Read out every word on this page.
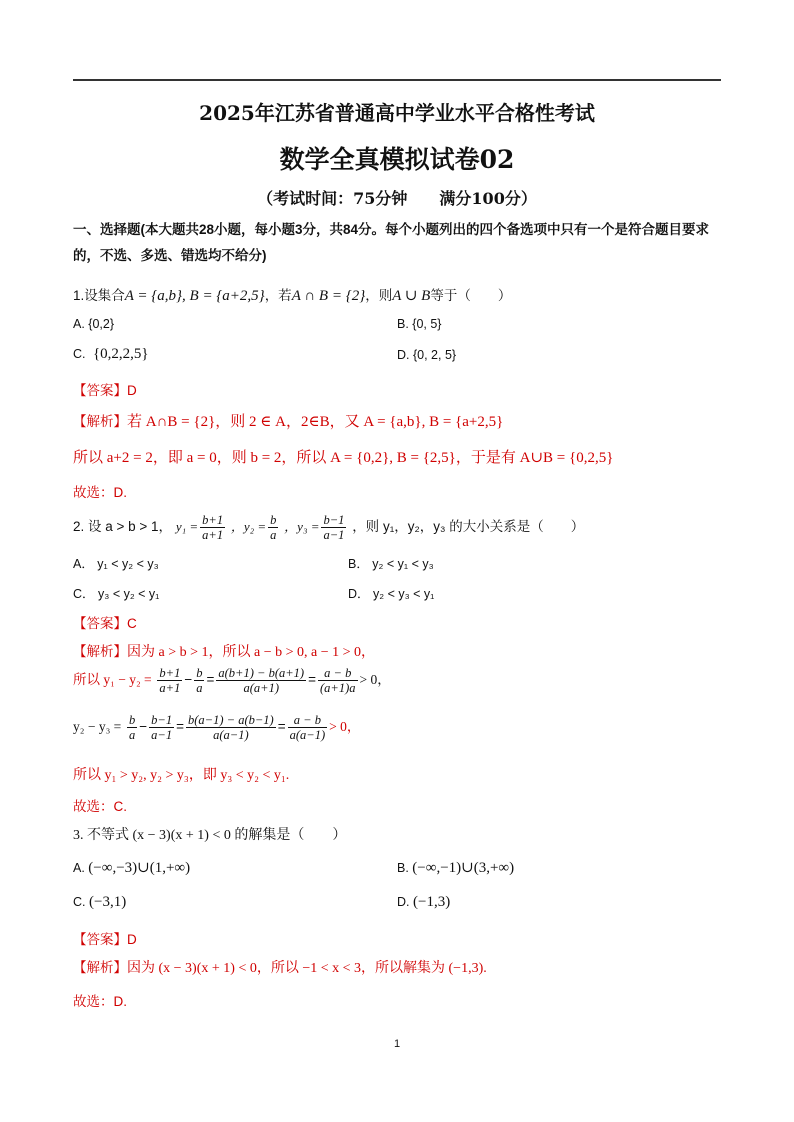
2025年江苏省普通高中学业水平合格性考试
数学全真模拟试卷02
（考试时间：75分钟　　满分100分）
一、选择题(本大题共28小题，每小题3分，共84分。每个小题列出的四个备选项中只有一个是符合题目要求的，不选、多选、错选均不给分)
1.设集合A = {a,b}, B = {a+2,5}，若A ∩ B = {2}，则A ∪ B等于（　　）
A. {0,2}	B. {0, 5}
C. {0,2,2,5}	D. {0, 2, 5}
【答案】D
【解析】若 A∩B = {2}，则 2 ∈ A，2∈B，又 A = {a,b}, B = {a+2,5}
所以 a+2 = 2，即 a = 0，则 b = 2，所以 A = {0,2}, B = {2,5}，于是有 A∪B = {0,2,5}
故选：D.
2. 设 a > b > 1， $y_1 = \frac{b+1}{a+1}$ ，$y_2 = \frac{b}{a}$ ，$y_3 = \frac{b-1}{a-1}$ ，则 y₁，y₂，y₃ 的大小关系是（　　）
A． y₁ < y₂ < y₃	B． y₂ < y₁ < y₃
C． y₃ < y₂ < y₁	D． y₂ < y₃ < y₁
【答案】C
【解析】因为 a > b > 1，所以 a − b > 0, a − 1 > 0，
所以 $y_1 - y_2 = \frac{b+1}{a+1} - \frac{b}{a} = \frac{a(b+1) - b(a+1)}{a(a+1)} = \frac{a - b}{(a+1)a} > 0$，
$y_2 - y_3 = \frac{b}{a} - \frac{b-1}{a-1} = \frac{b(a-1) - a(b-1)}{a(a-1)} = \frac{a - b}{a(a-1)} > 0$，
所以 y₁ > y₂, y₂ > y₃，即 y₃ < y₂ < y₁.
故选：C.
3. 不等式 (x − 3)(x + 1) < 0 的解集是（　　）
A. (−∞,−3)∪(1,+∞)	B. (−∞,−1)∪(3,+∞)
C. (−3,1)	D. (−1,3)
【答案】D
【解析】因为 (x − 3)(x + 1) < 0，所以 −1 < x < 3，所以解集为 (−1,3).
故选：D.
1
